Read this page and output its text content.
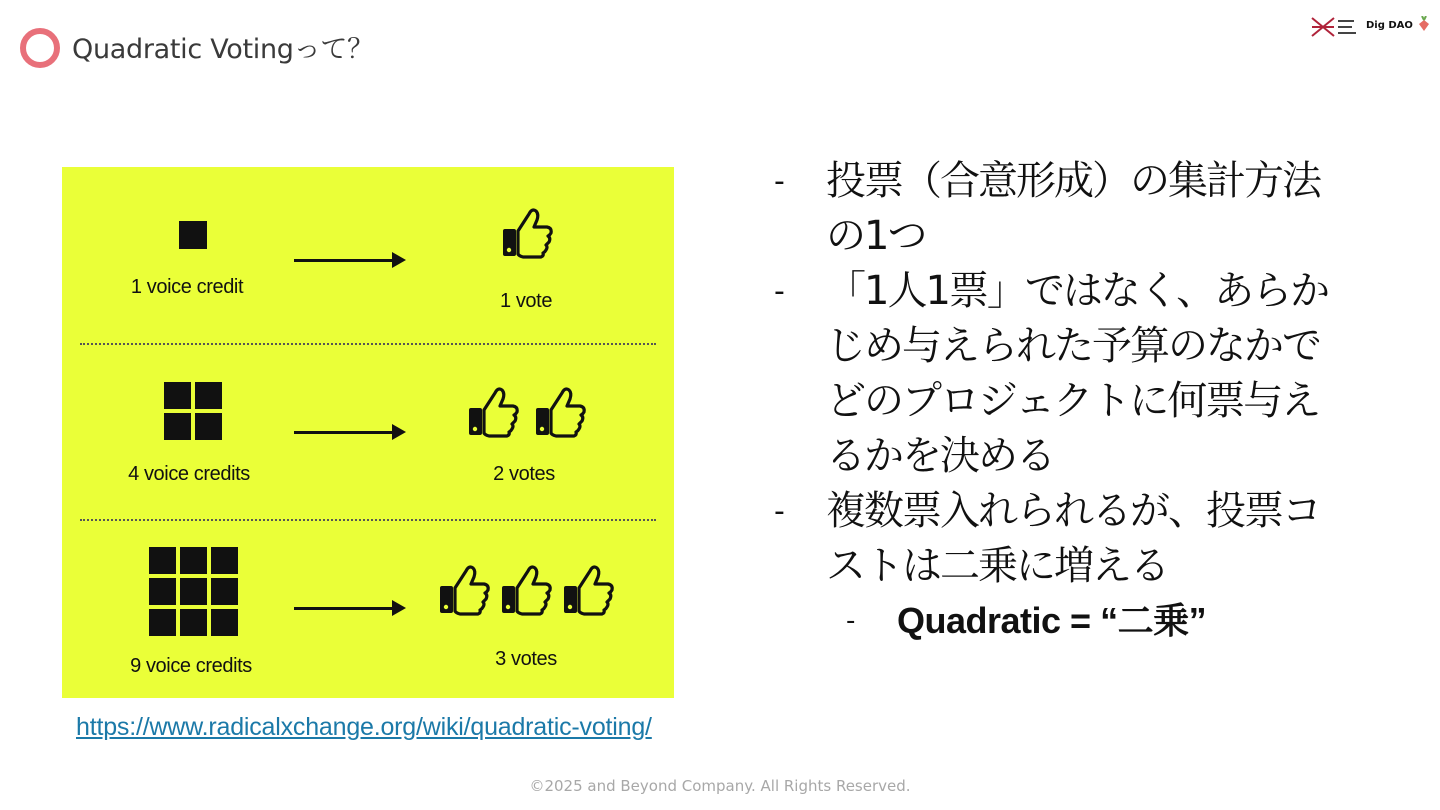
Quadratic Votingって？
Dig DAO
1 voice credit
1 vote
4 voice credits	2 votes
9 voice credits	3 votes
https://www.radicalxchange.org/wiki/quadratic-voting/
- 投票（合意形成）の集計方法の1つ
- 「1人1票」ではなく、あらかじめ与えられた予算のなかでどのプロジェクトに何票与えるかを決める
- 複数票入れられるが、投票コストは二乗に増える
- Quadratic = “二乗”
©2025 and Beyond Company. All Rights Reserved.
